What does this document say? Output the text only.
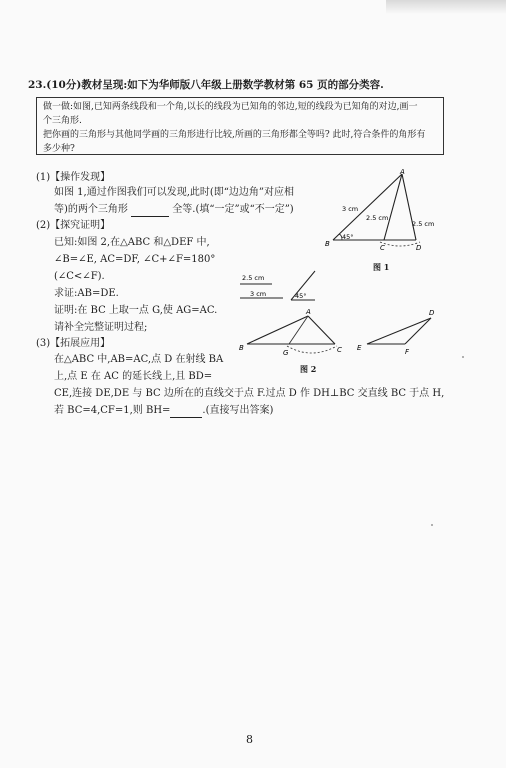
23.(10分)教材呈现:如下为华师版八年级上册数学教材第 65 页的部分类容.

做一做:如图,已知两条线段和一个角,以长的线段为已知角的邻边,短的线段为已知角的对边,画一

个三角形.

把你画的三角形与其他同学画的三角形进行比较,所画的三角形都全等吗? 此时,符合条件的角形有

多少种?

(1)【操作发现】
如图 1,通过作图我们可以发现,此时(即“边边角”对应相
等)的两个三角形	全等.(填“一定”或“不一定”)
(2)【探究证明】
已知:如图 2,在△ABC 和△DEF 中,
∠B=∠E, AC=DF, ∠C+∠F=180°
(∠C<∠F).
求证:AB=DE.
证明:在 BC 上取一点 G,使 AG=AC.
请补全完整证明过程;
(3)【拓展应用】
在△ABC 中,AB=AC,点 D 在射线 BA
上,点 E 在 AC 的延长线上,且 BD=
CE,连接 DE,DE 与 BC 边所在的直线交于点 F.过点 D 作 DH⊥BC 交直线 BC 于点 H,
若 BC=4,CF=1,则 BH=	.(直接写出答案)
A
B	C	D
3 cm
2.5 cm
2.5 cm
45°
图 1
2.5 cm
3 cm	45°
A
B
G	C
D
E	F
图 2
8
